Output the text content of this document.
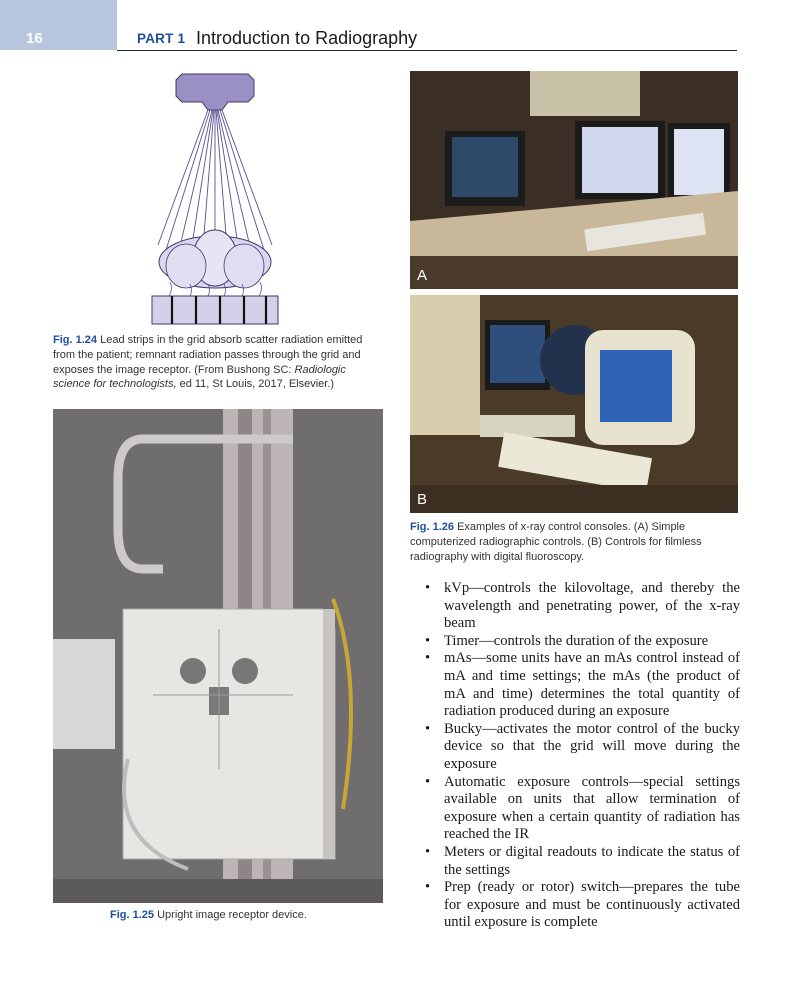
16	PART 1 Introduction to Radiography
Fig. 1.24 Lead strips in the grid absorb scatter radiation emitted from the patient; remnant radiation passes through the grid and exposes the image receptor. (From Bushong SC: Radiologic science for technologists, ed 11, St Louis, 2017, Elsevier.)
Fig. 1.25 Upright image receptor device.
A
B
Fig. 1.26 Examples of x-ray control consoles. (A) Simple computerized radiographic controls. (B) Controls for filmless radiography with digital fluoroscopy.
• kVp—controls the kilovoltage, and thereby the wavelength and penetrating power, of the x-ray beam
• Timer—controls the duration of the exposure
• mAs—some units have an mAs control instead of mA and time settings; the mAs (the product of mA and time) determines the total quantity of radiation produced during an exposure
• Bucky—activates the motor control of the bucky device so that the grid will move during the exposure
• Automatic exposure controls—special settings available on units that allow termination of exposure when a certain quantity of radiation has reached the IR
• Meters or digital readouts to indicate the status of the settings
• Prep (ready or rotor) switch—prepares the tube for exposure and must be continuously activated until exposure is complete
